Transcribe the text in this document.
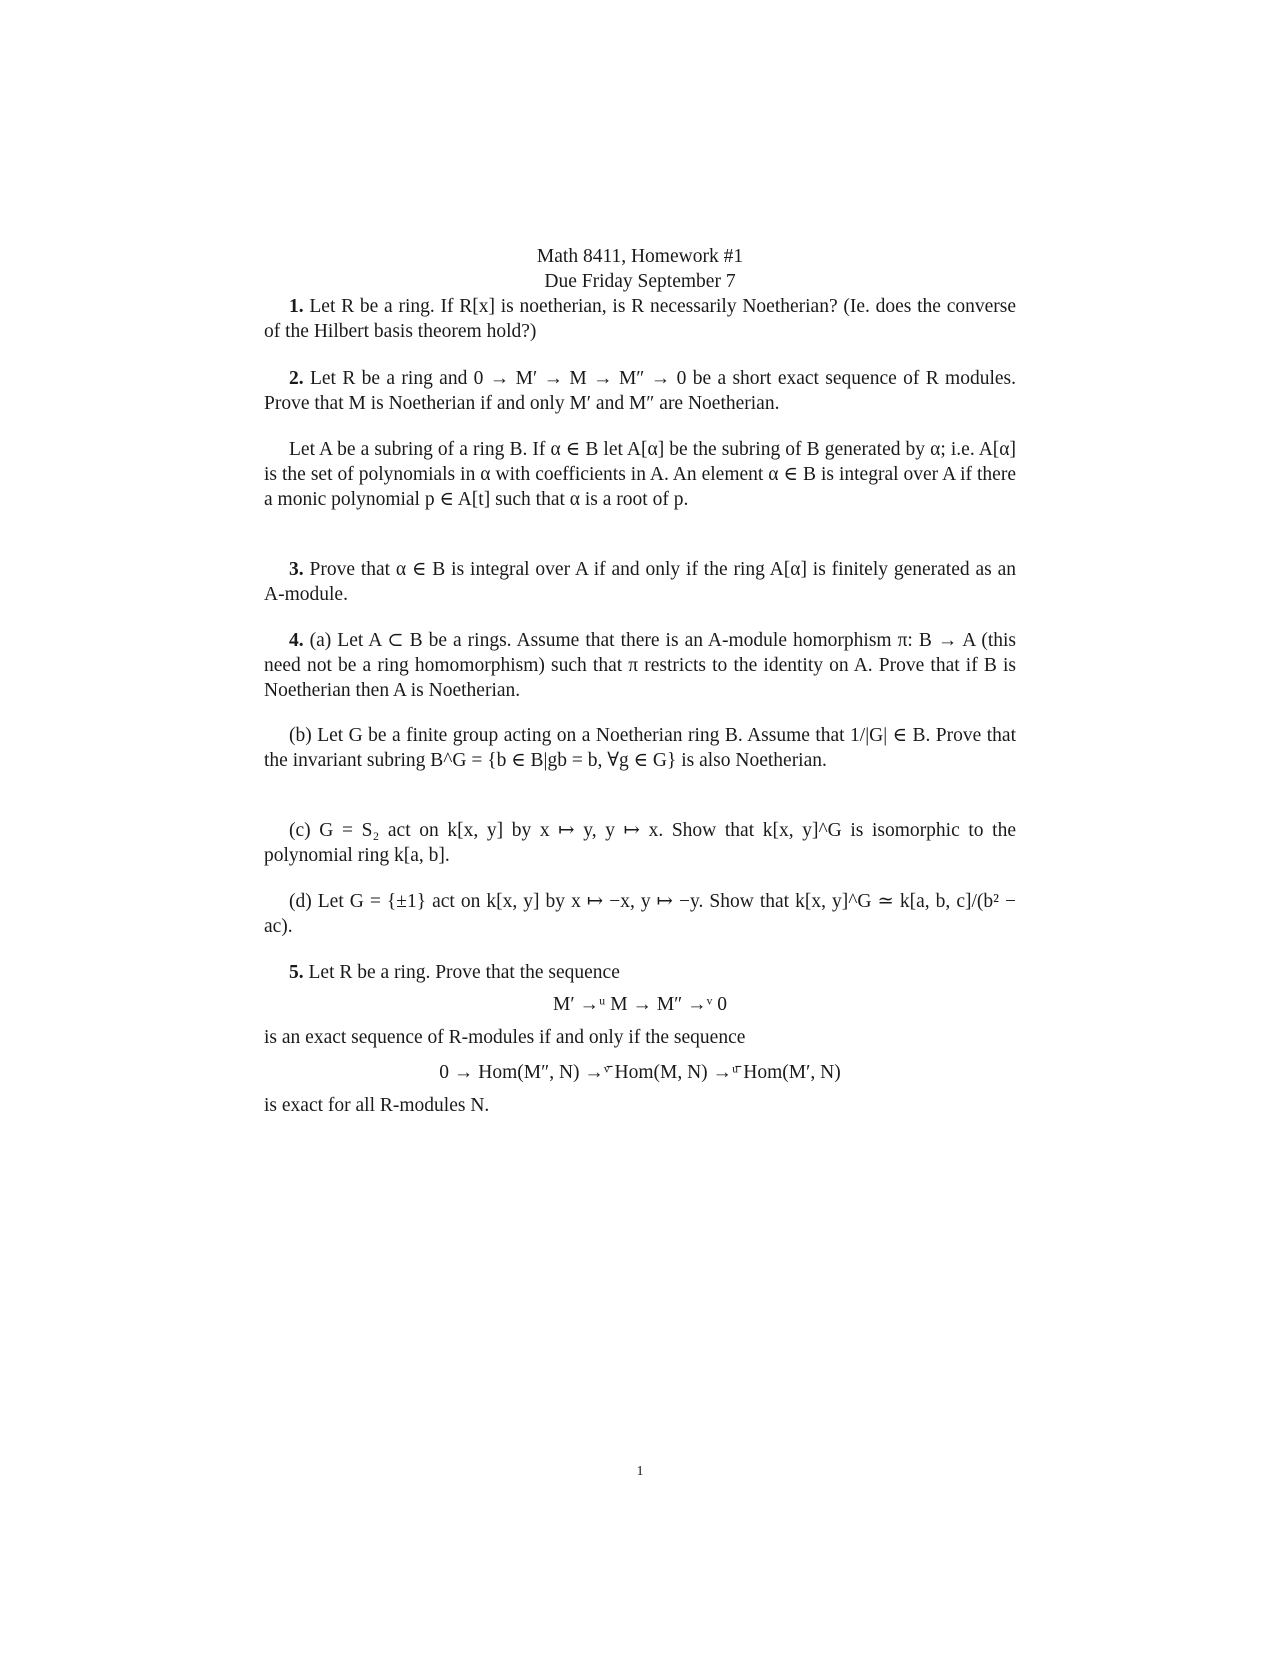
Math 8411, Homework #1
Due Friday September 7
1. Let R be a ring. If R[x] is noetherian, is R necessarily Noetherian? (Ie. does the converse of the Hilbert basis theorem hold?)
2. Let R be a ring and 0 → M′ → M → M″ → 0 be a short exact sequence of R modules. Prove that M is Noetherian if and only M′ and M″ are Noetherian.
Let A be a subring of a ring B. If α ∈ B let A[α] be the subring of B generated by α; i.e. A[α] is the set of polynomials in α with coefficients in A. An element α ∈ B is integral over A if there a monic polynomial p ∈ A[t] such that α is a root of p.
3. Prove that α ∈ B is integral over A if and only if the ring A[α] is finitely generated as an A-module.
4. (a) Let A ⊂ B be a rings. Assume that there is an A-module homorphism π: B → A (this need not be a ring homomorphism) such that π restricts to the identity on A. Prove that if B is Noetherian then A is Noetherian.
(b) Let G be a finite group acting on a Noetherian ring B. Assume that 1/|G| ∈ B. Prove that the invariant subring B^G = {b ∈ B|gb = b, ∀g ∈ G} is also Noetherian.
(c) G = S₂ act on k[x, y] by x ↦ y, y ↦ x. Show that k[x, y]^G is isomorphic to the polynomial ring k[a, b].
(d) Let G = {±1} act on k[x, y] by x ↦ −x, y ↦ −y. Show that k[x, y]^G ≃ k[a, b, c]/(b² − ac).
5. Let R be a ring. Prove that the sequence
M′ →ᵘ M → M″ →ᵛ 0
is an exact sequence of R-modules if and only if the sequence
0 → Hom(M″, N) →ᵛ̄ Hom(M, N) →ᵘ̄ Hom(M′, N)
is exact for all R-modules N.
1
